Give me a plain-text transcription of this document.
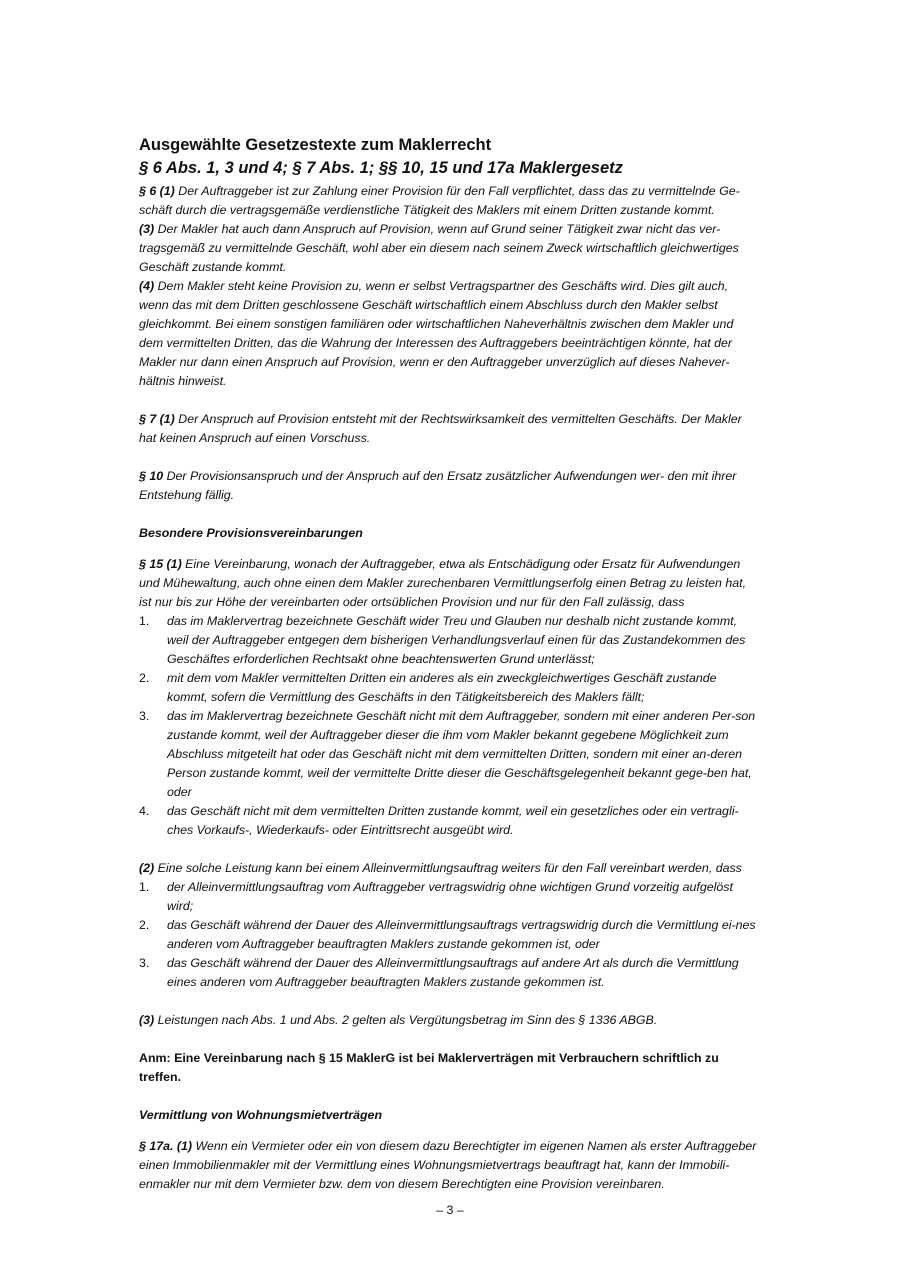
Ausgewählte Gesetzestexte zum Maklerrecht

§ 6 Abs. 1, 3 und 4; § 7 Abs. 1; §§ 10, 15 und 17a Maklergesetz

§ 6 (1) Der Auftraggeber ist zur Zahlung einer Provision für den Fall verpflichtet, dass das zu vermittelnde Ge-schäft durch die vertragsgemäße verdienstliche Tätigkeit des Maklers mit einem Dritten zustande kommt.

(3) Der Makler hat auch dann Anspruch auf Provision, wenn auf Grund seiner Tätigkeit zwar nicht das ver-tragsgemäß zu vermittelnde Geschäft, wohl aber ein diesem nach seinem Zweck wirtschaftlich gleichwertiges Geschäft zustande kommt.

(4) Dem Makler steht keine Provision zu, wenn er selbst Vertragspartner des Geschäfts wird. Dies gilt auch, wenn das mit dem Dritten geschlossene Geschäft wirtschaftlich einem Abschluss durch den Makler selbst gleichkommt. Bei einem sonstigen familiären oder wirtschaftlichen Naheverhältnis zwischen dem Makler und dem vermittelten Dritten, das die Wahrung der Interessen des Auftraggebers beeinträchtigen könnte, hat der Makler nur dann einen Anspruch auf Provision, wenn er den Auftraggeber unverzüglich auf dieses Nahever-hältnis hinweist.

§ 7 (1) Der Anspruch auf Provision entsteht mit der Rechtswirksamkeit des vermittelten Geschäfts. Der Makler hat keinen Anspruch auf einen Vorschuss.

§ 10 Der Provisionsanspruch und der Anspruch auf den Ersatz zusätzlicher Aufwendungen wer- den mit ihrer Entstehung fällig.

Besondere Provisionsvereinbarungen

§ 15 (1) Eine Vereinbarung, wonach der Auftraggeber, etwa als Entschädigung oder Ersatz für Aufwendungen und Mühewaltung, auch ohne einen dem Makler zurechenbaren Vermittlungserfolg einen Betrag zu leisten hat, ist nur bis zur Höhe der vereinbarten oder ortsüblichen Provision und nur für den Fall zulässig, dass

1.	das im Maklervertrag bezeichnete Geschäft wider Treu und Glauben nur deshalb nicht zustande kommt, weil der Auftraggeber entgegen dem bisherigen Verhandlungsverlauf einen für das Zustandekommen des Geschäftes erforderlichen Rechtsakt ohne beachtenswerten Grund unterlässt;
2.	mit dem vom Makler vermittelten Dritten ein anderes als ein zweckgleichwertiges Geschäft zustande kommt, sofern die Vermittlung des Geschäfts in den Tätigkeitsbereich des Maklers fällt;
3.	das im Maklervertrag bezeichnete Geschäft nicht mit dem Auftraggeber, sondern mit einer anderen Per-son zustande kommt, weil der Auftraggeber dieser die ihm vom Makler bekannt gegebene Möglichkeit zum Abschluss mitgeteilt hat oder das Geschäft nicht mit dem vermittelten Dritten, sondern mit einer an-deren Person zustande kommt, weil der vermittelte Dritte dieser die Geschäftsgelegenheit bekannt gege-ben hat, oder
4.	das Geschäft nicht mit dem vermittelten Dritten zustande kommt, weil ein gesetzliches oder ein vertragli-ches Vorkaufs-, Wiederkaufs- oder Eintrittsrecht ausgeübt wird.

(2) Eine solche Leistung kann bei einem Alleinvermittlungsauftrag weiters für den Fall vereinbart werden, dass

1.	der Alleinvermittlungsauftrag vom Auftraggeber vertragswidrig ohne wichtigen Grund vorzeitig aufgelöst wird;
2.	das Geschäft während der Dauer des Alleinvermittlungsauftrags vertragswidrig durch die Vermittlung ei-nes anderen vom Auftraggeber beauftragten Maklers zustande gekommen ist, oder
3.	das Geschäft während der Dauer des Alleinvermittlungsauftrags auf andere Art als durch die Vermittlung eines anderen vom Auftraggeber beauftragten Maklers zustande gekommen ist.

(3) Leistungen nach Abs. 1 und Abs. 2 gelten als Vergütungsbetrag im Sinn des § 1336 ABGB.

Anm: Eine Vereinbarung nach § 15 MaklerG ist bei Maklerverträgen mit Verbrauchern schriftlich zu treffen.

Vermittlung von Wohnungsmietverträgen

§ 17a. (1) Wenn ein Vermieter oder ein von diesem dazu Berechtigter im eigenen Namen als erster Auftraggeber einen Immobilienmakler mit der Vermittlung eines Wohnungsmietvertrags beauftragt hat, kann der Immobili-enmakler nur mit dem Vermieter bzw. dem von diesem Berechtigten eine Provision vereinbaren.

– 3 –
